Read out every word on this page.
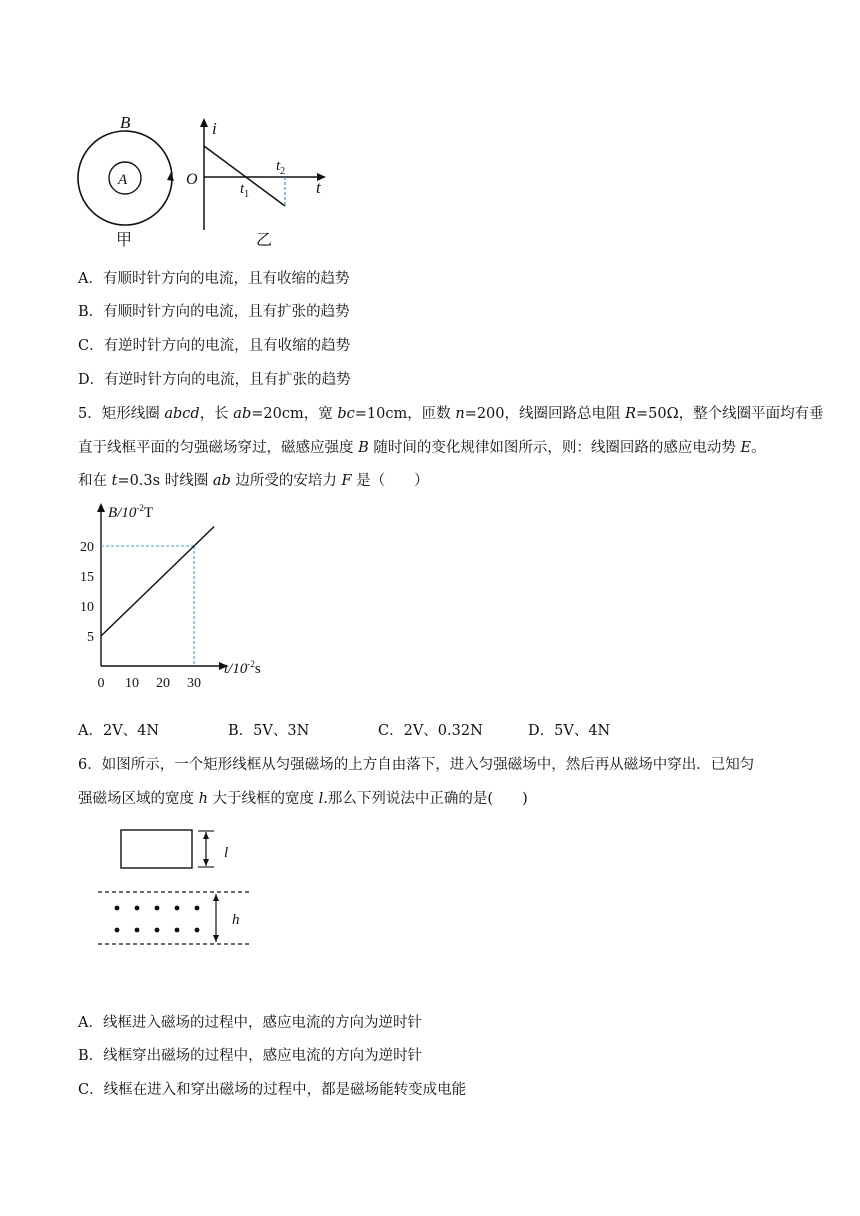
B
A
甲
i
O
$t_1$
$t_2$
t
乙
A．有顺时针方向的电流，且有收缩的趋势
B．有顺时针方向的电流，且有扩张的趋势
C．有逆时针方向的电流，且有收缩的趋势
D．有逆时针方向的电流，且有扩张的趋势
5．矩形线圈 abcd，长 ab=20cm，宽 bc=10cm，匝数 n=200，线圈回路总电阻 R=50Ω，整个线圈平面均有垂
直于线框平面的匀强磁场穿过，磁感应强度 B 随时间的变化规律如图所示，则：线圈回路的感应电动势 E。
和在 t=0.3s 时线圈 ab 边所受的安培力 F 是（　　）
5
10
15
20
0 10 20 30
$B/10^{-2}T$
$t/10^{-2}s$
A．2V、4N	B．5V、3N	C．2V、0.32N	D．5V、4N
6．如图所示，一个矩形线框从匀强磁场的上方自由落下，进入匀强磁场中，然后再从磁场中穿出．已知匀
强磁场区域的宽度 h 大于线框的宽度 l.那么下列说法中正确的是(　　)
l
h
A．线框进入磁场的过程中，感应电流的方向为逆时针
B．线框穿出磁场的过程中，感应电流的方向为逆时针
C．线框在进入和穿出磁场的过程中，都是磁场能转变成电能
